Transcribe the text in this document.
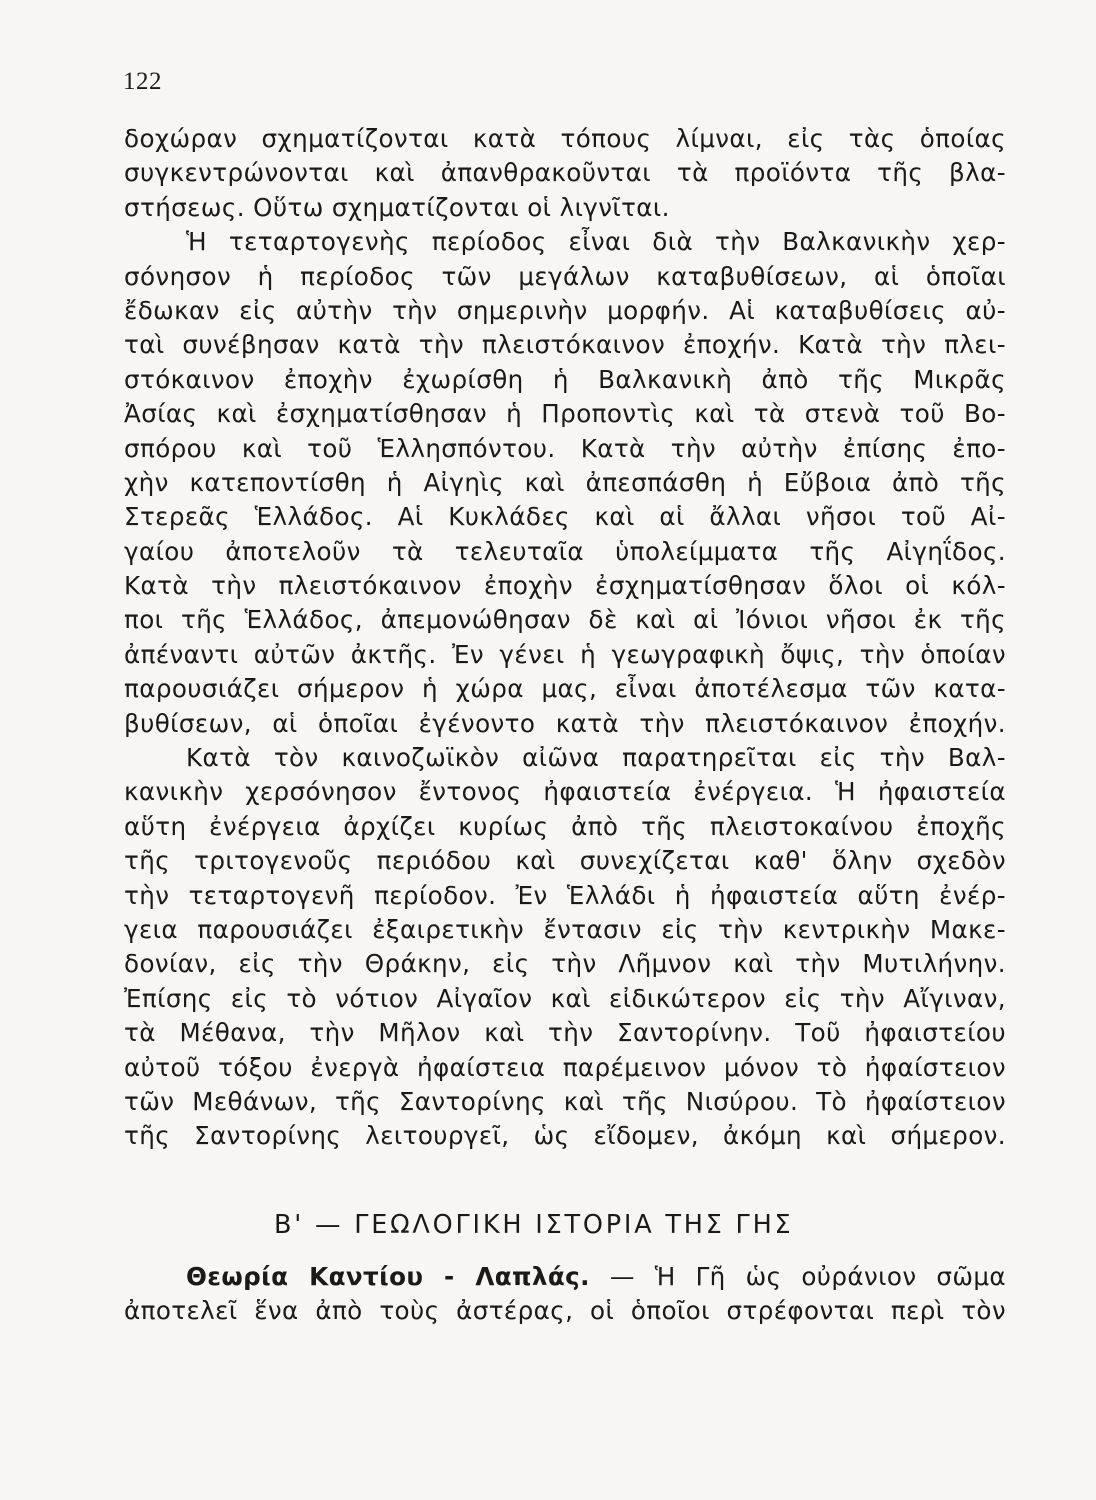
122
δοχώραν σχηματίζονται κατὰ τόπους λίμναι, εἰς τὰς ὁποίας
συγκεντρώνονται καὶ ἀπανθρακοῦνται τὰ προϊόντα τῆς βλα-
στήσεως. Οὕτω σχηματίζονται οἱ λιγνῖται.
Ἡ τεταρτογενὴς περίοδος εἶναι διὰ τὴν Βαλκανικὴν χερ-
σόνησον ἡ περίοδος τῶν μεγάλων καταβυθίσεων, αἱ ὁποῖαι
ἔδωκαν εἰς αὐτὴν τὴν σημερινὴν μορφήν. Αἱ καταβυθίσεις αὐ-
ταὶ συνέβησαν κατὰ τὴν πλειστόκαινον ἐποχήν. Κατὰ τὴν πλει-
στόκαινον ἐποχὴν ἐχωρίσθη ἡ Βαλκανικὴ ἀπὸ τῆς Μικρᾶς
Ἀσίας καὶ ἐσχηματίσθησαν ἡ Προποντὶς καὶ τὰ στενὰ τοῦ Βο-
σπόρου καὶ τοῦ Ἑλλησπόντου. Κατὰ τὴν αὐτὴν ἐπίσης ἐπο-
χὴν κατεποντίσθη ἡ Αἰγηὶς καὶ ἀπεσπάσθη ἡ Εὔβοια ἀπὸ τῆς
Στερεᾶς Ἑλλάδος. Αἱ Κυκλάδες καὶ αἱ ἄλλαι νῆσοι τοῦ Αἰ-
γαίου ἀποτελοῦν τὰ τελευταῖα ὑπολείμματα τῆς Αἰγηΐδος.
Κατὰ τὴν πλειστόκαινον ἐποχὴν ἐσχηματίσθησαν ὅλοι οἱ κόλ-
ποι τῆς Ἑλλάδος, ἀπεμονώθησαν δὲ καὶ αἱ Ἰόνιοι νῆσοι ἐκ τῆς
ἀπέναντι αὐτῶν ἀκτῆς. Ἐν γένει ἡ γεωγραφικὴ ὄψις, τὴν ὁποίαν
παρουσιάζει σήμερον ἡ χώρα μας, εἶναι ἀποτέλεσμα τῶν κατα-
βυθίσεων, αἱ ὁποῖαι ἐγένοντο κατὰ τὴν πλειστόκαινον ἐποχήν.
Κατὰ τὸν καινοζωϊκὸν αἰῶνα παρατηρεῖται εἰς τὴν Βαλ-
κανικὴν χερσόνησον ἔντονος ἠφαιστεία ἐνέργεια. Ἡ ἠφαιστεία
αὕτη ἐνέργεια ἀρχίζει κυρίως ἀπὸ τῆς πλειστοκαίνου ἐποχῆς
τῆς τριτογενοῦς περιόδου καὶ συνεχίζεται καθ' ὅλην σχεδὸν
τὴν τεταρτογενῆ περίοδον. Ἐν Ἑλλάδι ἡ ἠφαιστεία αὕτη ἐνέρ-
γεια παρουσιάζει ἐξαιρετικὴν ἔντασιν εἰς τὴν κεντρικὴν Μακε-
δονίαν, εἰς τὴν Θράκην, εἰς τὴν Λῆμνον καὶ τὴν Μυτιλήνην.
Ἐπίσης εἰς τὸ νότιον Αἰγαῖον καὶ εἰδικώτερον εἰς τὴν Αἴγιναν,
τὰ Μέθανα, τὴν Μῆλον καὶ τὴν Σαντορίνην. Τοῦ ἠφαιστείου
αὐτοῦ τόξου ἐνεργὰ ἠφαίστεια παρέμεινον μόνον τὸ ἠφαίστειον
τῶν Μεθάνων, τῆς Σαντορίνης καὶ τῆς Νισύρου. Τὸ ἠφαίστειον
τῆς Σαντορίνης λειτουργεῖ, ὡς εἴδομεν, ἀκόμη καὶ σήμερον.
Β' — ΓΕΩΛΟΓΙΚΗ ΙΣΤΟΡΙΑ ΤΗΣ ΓΗΣ
Θεωρία Καντίου - Λαπλάς. — Ἡ Γῆ ὡς οὐράνιον σῶμα
ἀποτελεῖ ἕνα ἀπὸ τοὺς ἀστέρας, οἱ ὁποῖοι στρέφονται περὶ τὸν
